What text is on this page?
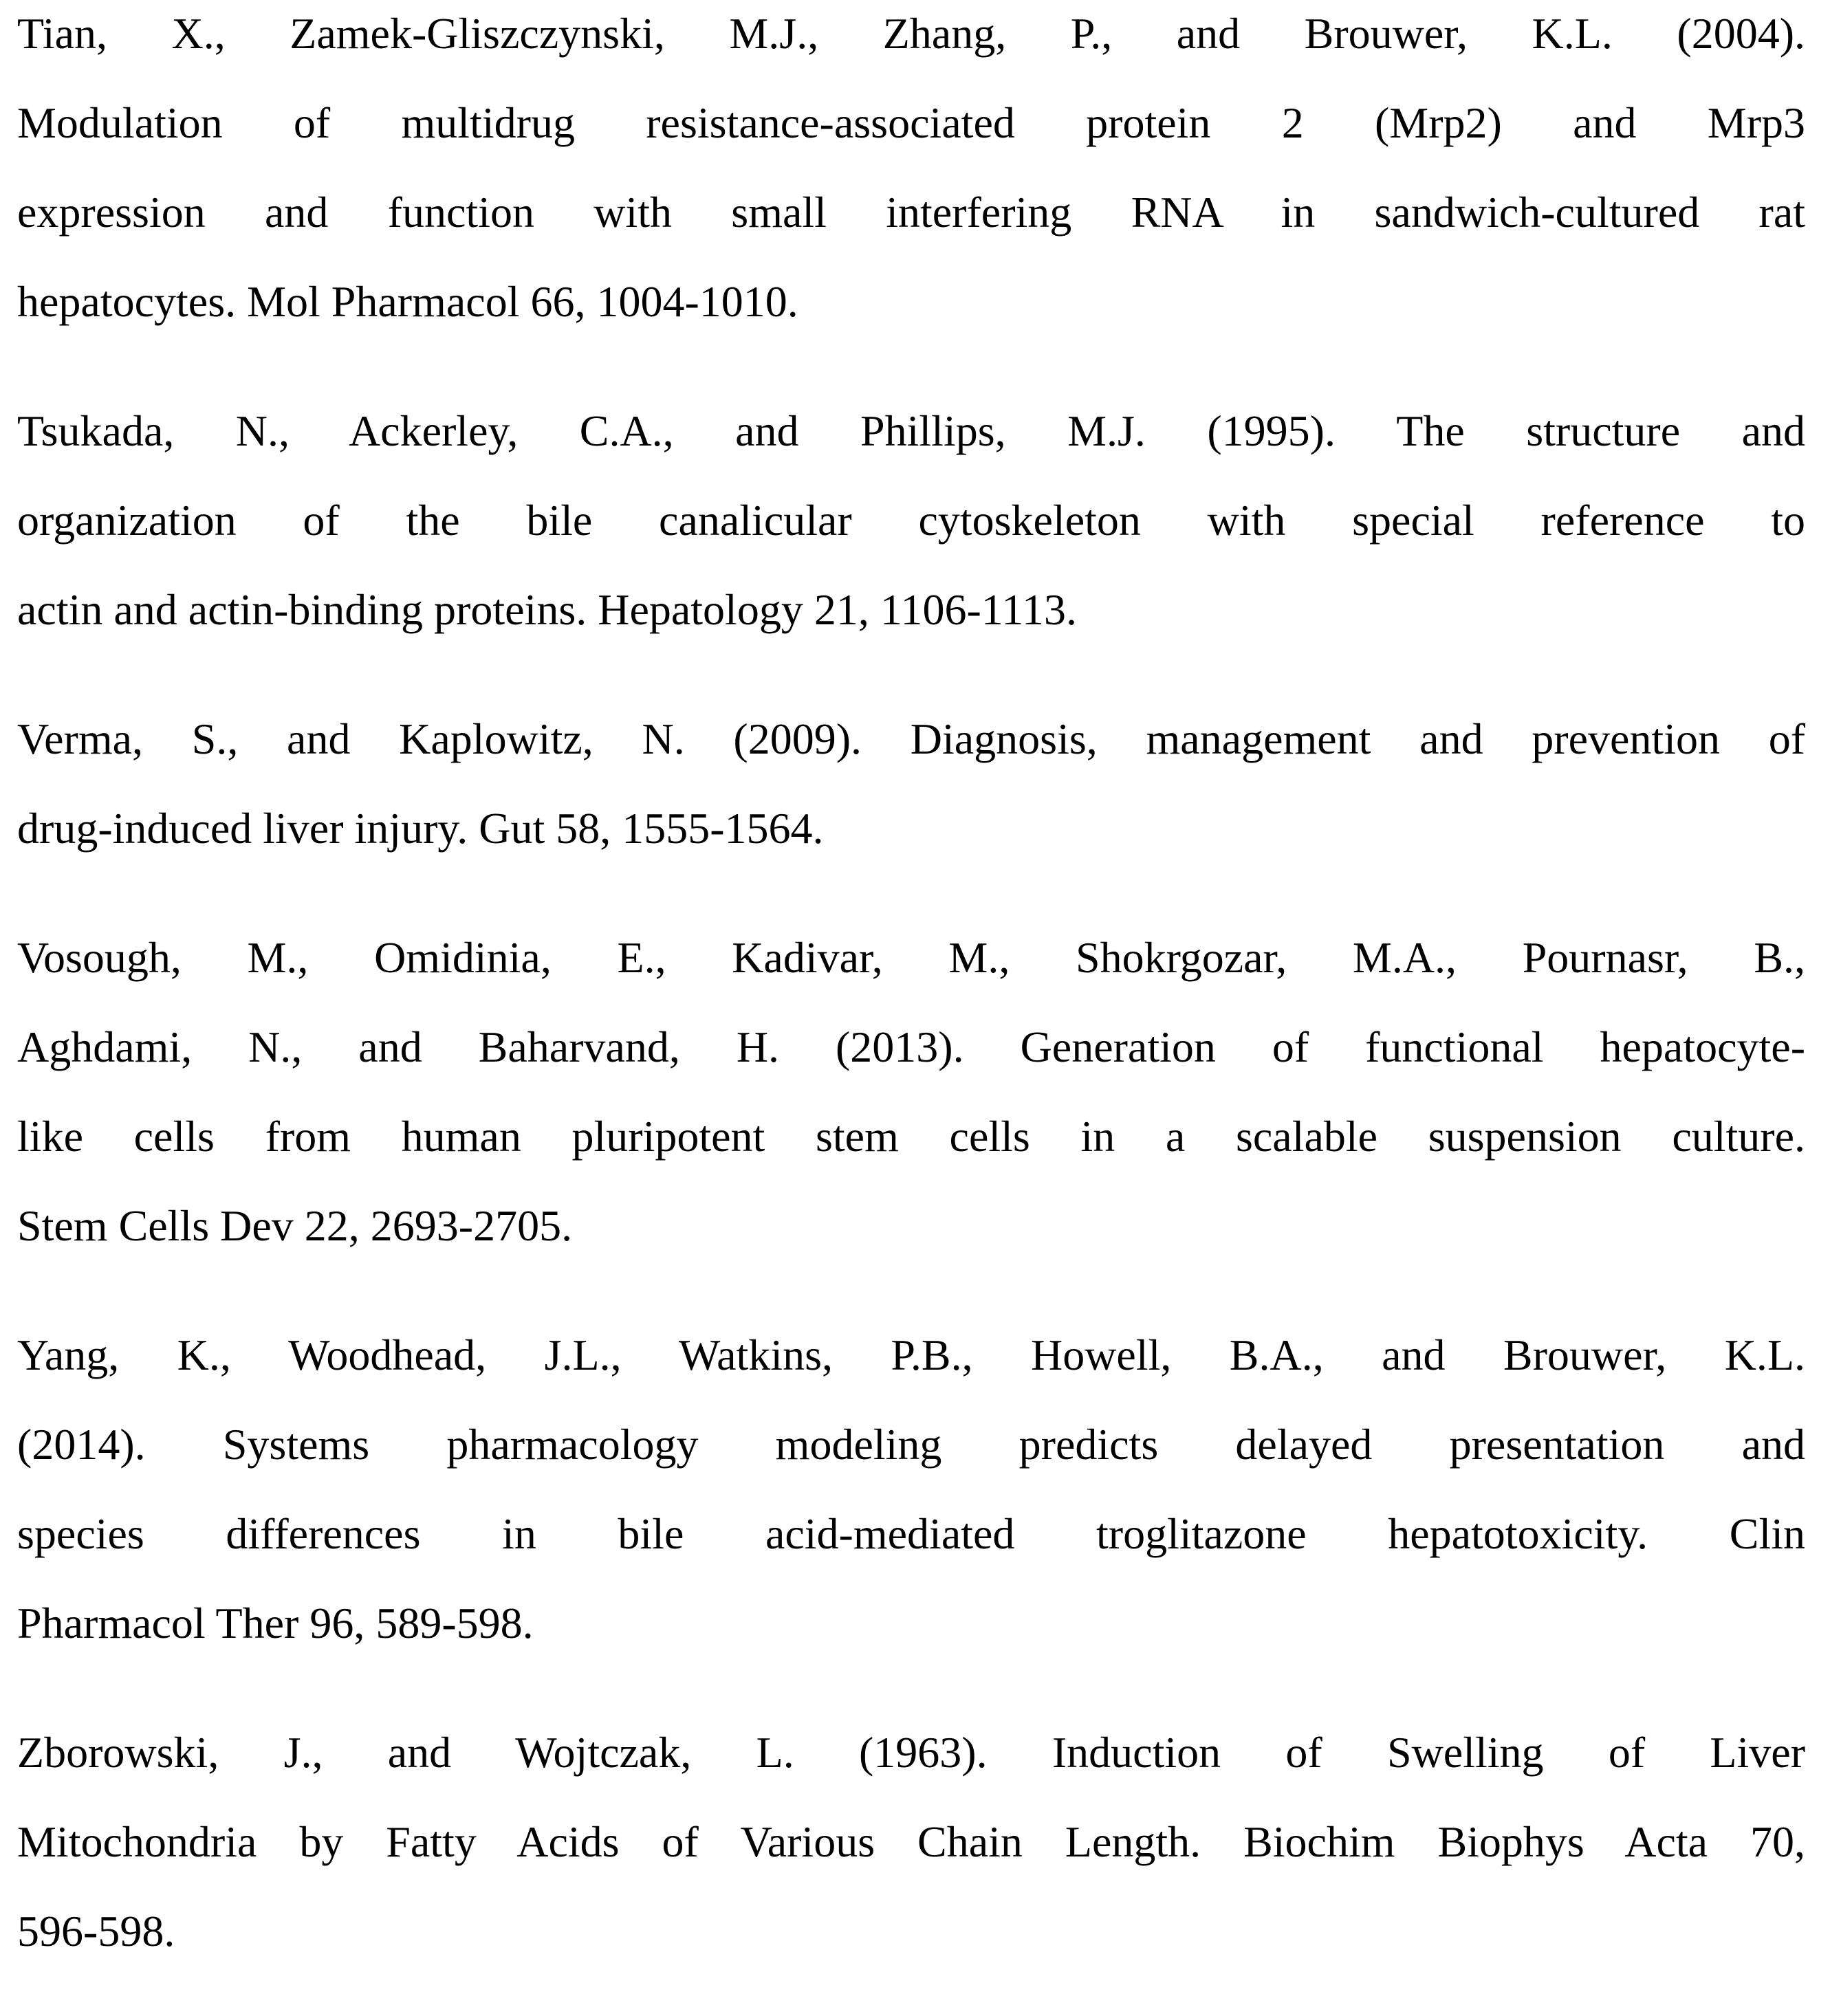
Tian, X., Zamek-Gliszczynski, M.J., Zhang, P., and Brouwer, K.L. (2004).
Modulation of multidrug resistance-associated protein 2 (Mrp2) and Mrp3
expression and function with small interfering RNA in sandwich-cultured rat
hepatocytes. Mol Pharmacol 66, 1004-1010.
Tsukada, N., Ackerley, C.A., and Phillips, M.J. (1995). The structure and
organization of the bile canalicular cytoskeleton with special reference to
actin and actin-binding proteins. Hepatology 21, 1106-1113.
Verma, S., and Kaplowitz, N. (2009). Diagnosis, management and prevention of
drug-induced liver injury. Gut 58, 1555-1564.
Vosough, M., Omidinia, E., Kadivar, M., Shokrgozar, M.A., Pournasr, B.,
Aghdami, N., and Baharvand, H. (2013). Generation of functional hepatocyte-
like cells from human pluripotent stem cells in a scalable suspension culture.
Stem Cells Dev 22, 2693-2705.
Yang, K., Woodhead, J.L., Watkins, P.B., Howell, B.A., and Brouwer, K.L.
(2014). Systems pharmacology modeling predicts delayed presentation and
species differences in bile acid-mediated troglitazone hepatotoxicity. Clin
Pharmacol Ther 96, 589-598.
Zborowski, J., and Wojtczak, L. (1963). Induction of Swelling of Liver
Mitochondria by Fatty Acids of Various Chain Length. Biochim Biophys Acta 70,
596-598.
